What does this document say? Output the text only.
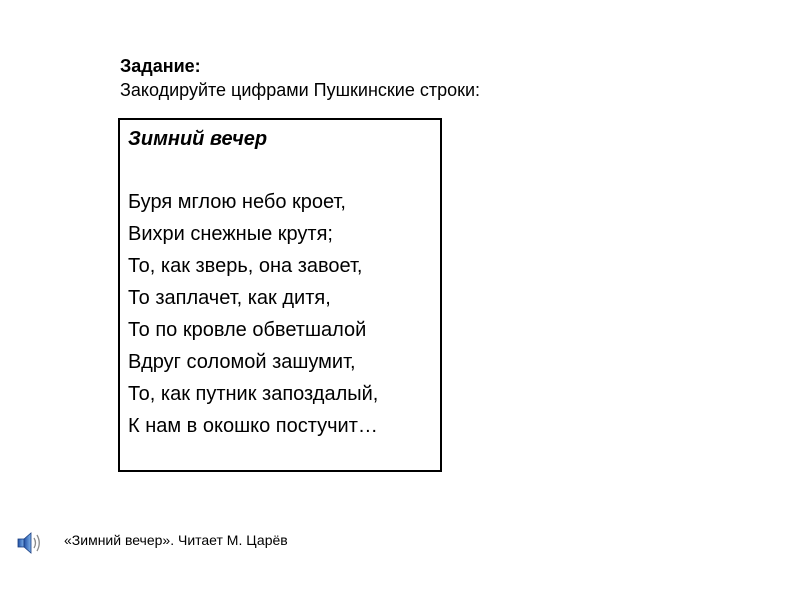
Задание:
Закодируйте цифрами Пушкинские строки:
Зимний вечер
Буря мглою небо кроет,
Вихри снежные крутя;
То, как зверь, она завоет,
То заплачет, как дитя,
То по кровле обветшалой
Вдруг соломой зашумит,
То, как путник запоздалый,
К нам в окошко постучит…
«Зимний вечер». Читает М. Царёв
